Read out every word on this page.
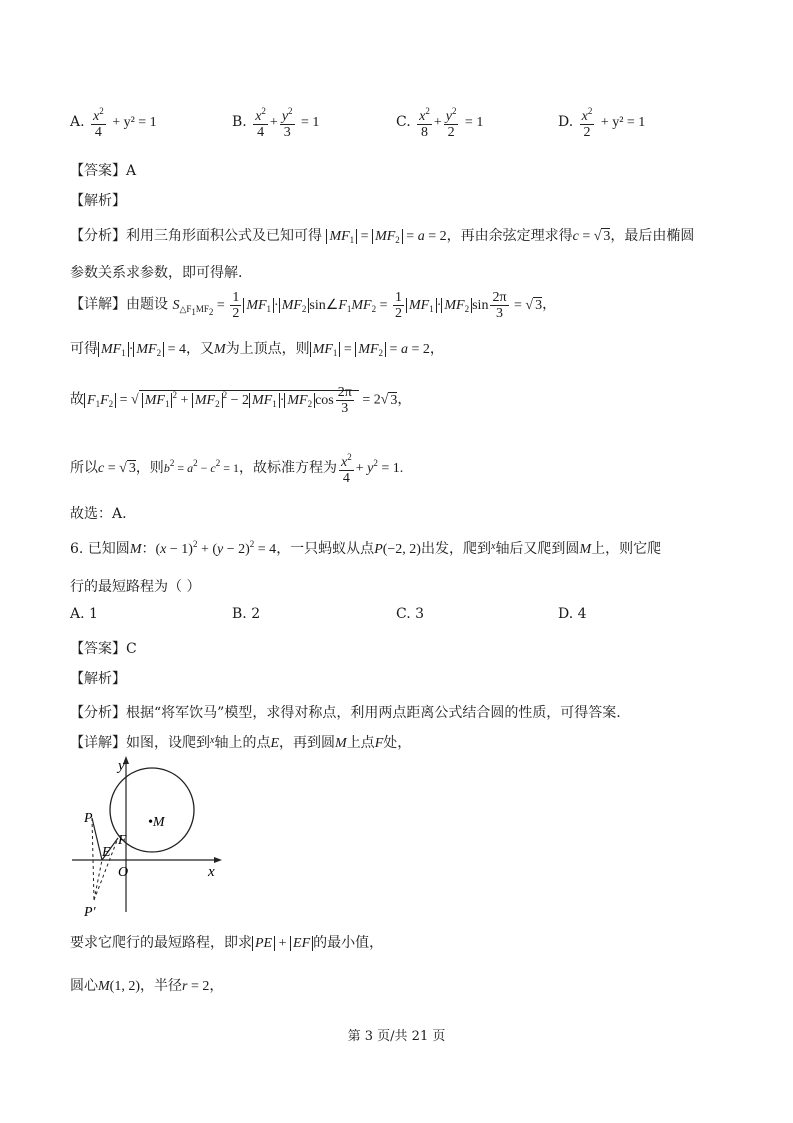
A. $\frac{x^2}{4} + y^2 = 1$	B. $\frac{x^2}{4} + \frac{y^2}{3} = 1$	C. $\frac{x^2}{8} + \frac{y^2}{2} = 1$	D. $\frac{x^2}{2} + y^2 = 1$
【答案】A
【解析】
【分析】利用三角形面积公式及已知可得 $MF_1 = MF_2 = a = 2$，再由余弦定理求得c = √ 3，最后由椭圆
参数关系求参数，即可得解.
【详解】由题设 $S_{\triangle F_1MF_2} = \frac{1}{2} MF_1 \cdot MF_2$ $\sin\angle F_1MF_2 = \frac{1}{2} MF_1 \cdot MF_2$ $\sin \frac{2\pi}{3}$ = √ 3，
可得 $MF_1 \cdot MF_2 = 4$，又M为上顶点，则 $MF_1 = MF_2 = a = 2$，
故 $F_1F_2$ = √ $MF_1^2 + MF_2^2 - 2$ $MF_1 \cdot MF_2$ $\cos \frac{2\pi}{3} = 2√$ 3，
所以c = √ 3，则$b^2 = a^2 - c^2 = 1$，故标准方程为 $\frac{x^2}{4} + y^2 = 1$.
故选：A.
6. 已知圆M：$(x - 1)^2 + (y - 2)^2 = 4$，一只蚂蚁从点P(−2, 2)出发，爬到$^x$轴后又爬到圆M上，则它爬
行的最短路程为（ ）
A. 1	B. 2	C. 3	D. 4
【答案】C
【解析】
【分析】根据“将军饮马”模型，求得对称点，利用两点距离公式结合圆的性质，可得答案.
【详解】如图，设爬到$^x$轴上的点E，再到圆M上点F处，
y
x
O
•M
P
E
F
P′
要求它爬行的最短路程，即求 PE + EF 的最小值，
圆心M(1, 2)，半径r = 2，
第 3 页/共 21 页
